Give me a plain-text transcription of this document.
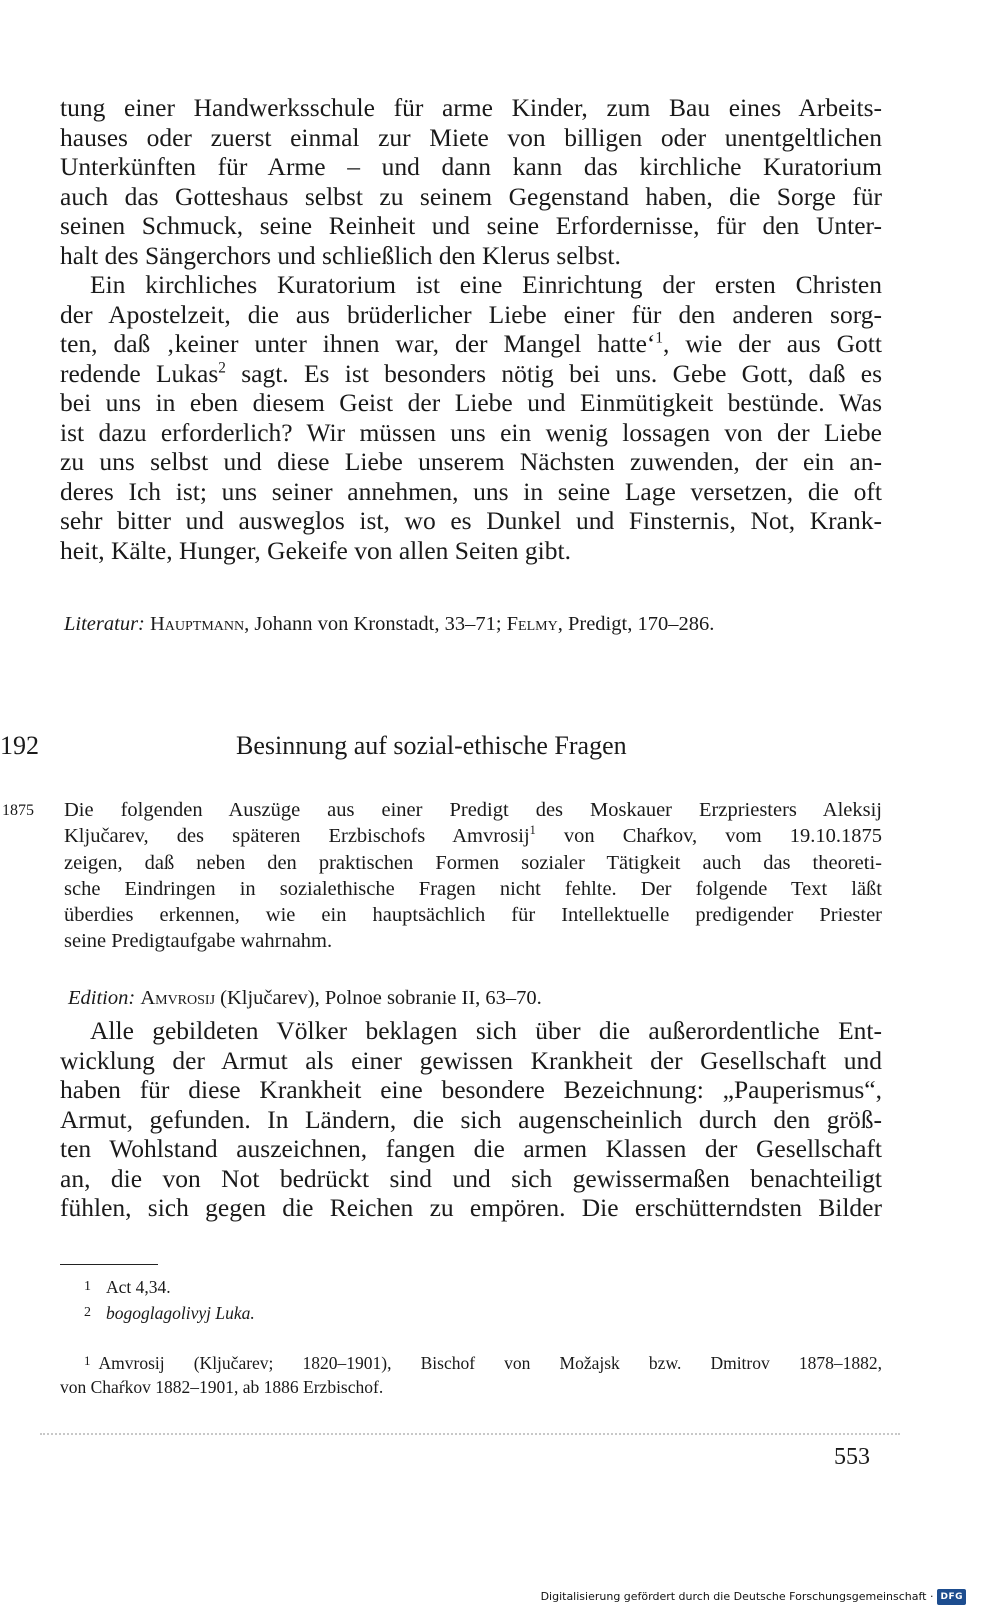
tung einer Handwerksschule für arme Kinder, zum Bau eines Arbeits-
hauses oder zuerst einmal zur Miete von billigen oder unentgeltlichen
Unterkünften für Arme – und dann kann das kirchliche Kuratorium
auch das Gotteshaus selbst zu seinem Gegenstand haben, die Sorge für
seinen Schmuck, seine Reinheit und seine Erfordernisse, für den Unter-
halt des Sängerchors und schließlich den Klerus selbst.
Ein kirchliches Kuratorium ist eine Einrichtung der ersten Christen
der Apostelzeit, die aus brüderlicher Liebe einer für den anderen sorg-
ten, daß ‚keiner unter ihnen war, der Mangel hatte‘$^1$, wie der aus Gott
redende Lukas$^2$ sagt. Es ist besonders nötig bei uns. Gebe Gott, daß es
bei uns in eben diesem Geist der Liebe und Einmütigkeit bestünde. Was
ist dazu erforderlich? Wir müssen uns ein wenig lossagen von der Liebe
zu uns selbst und diese Liebe unserem Nächsten zuwenden, der ein an-
deres Ich ist; uns seiner annehmen, uns in seine Lage versetzen, die oft
sehr bitter und ausweglos ist, wo es Dunkel und Finsternis, Not, Krank-
heit, Kälte, Hunger, Gekeife von allen Seiten gibt.

Literatur: Hauptmann, Johann von Kronstadt, 33–71; Felmy, Predigt, 170–286.

192	Besinnung auf sozial-ethische Fragen
1875 Die folgenden Auszüge aus einer Predigt des Moskauer Erzpriesters Aleksij
Ključarev, des späteren Erzbischofs Amvrosij$^1$ von Chaŕkov, vom 19.10.1875
zeigen, daß neben den praktischen Formen sozialer Tätigkeit auch das theoreti-
sche Eindringen in sozialethische Fragen nicht fehlte. Der folgende Text läßt
überdies erkennen, wie ein hauptsächlich für Intellektuelle predigender Priester
seine Predigtaufgabe wahrnahm.

Edition: Amvrosij (Ključarev), Polnoe sobranie II, 63–70.

Alle gebildeten Völker beklagen sich über die außerordentliche Ent-
wicklung der Armut als einer gewissen Krankheit der Gesellschaft und
haben für diese Krankheit eine besondere Bezeichnung: „Pauperismus“,
Armut, gefunden. In Ländern, die sich augenscheinlich durch den größ-
ten Wohlstand auszeichnen, fangen die armen Klassen der Gesellschaft
an, die von Not bedrückt sind und sich gewissermaßen benachteiligt
fühlen, sich gegen die Reichen zu empören. Die erschütterndsten Bilder

1 Act 4,34.

2 bogoglagolivyj Luka.

$^1$ Amvrosij (Ključarev; 1820–1901), Bischof von Možajsk bzw. Dmitrov 1878–1882,
von Chaŕkov 1882–1901, ab 1886 Erzbischof.
553
Digitalisierung gefördert durch die Deutsche Forschungsgemeinschaft · DFG
